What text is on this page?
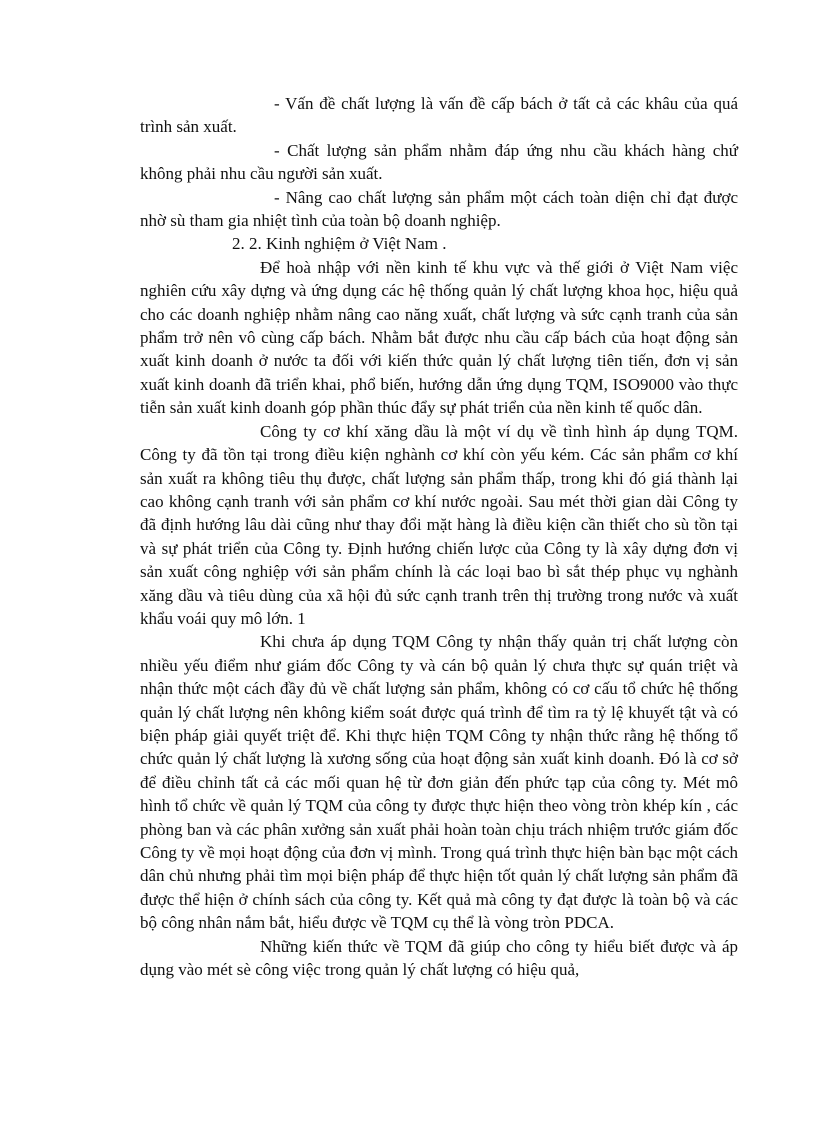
- Vấn đề chất lượng là vấn đề cấp bách ở tất cả các khâu của quá trình sản xuất.

- Chất lượng sản phẩm nhằm đáp ứng nhu cầu khách hàng chứ không phải nhu cầu người sản xuất.

- Nâng cao chất lượng sản phẩm một cách toàn diện chỉ đạt được nhờ sù tham gia nhiệt tình của toàn bộ doanh nghiệp.

2. 2. Kinh nghiệm ở Việt Nam .

Để hoà nhập với nền kinh tế khu vực và thế giới ở Việt Nam việc nghiên cứu xây dựng và ứng dụng các hệ thống quản lý chất lượng khoa học, hiệu quả cho các doanh nghiệp nhằm nâng cao năng xuất, chất lượng và sức cạnh tranh của sản phẩm trở nên vô cùng cấp bách. Nhằm bắt được nhu cầu cấp bách của hoạt động sản xuất kinh doanh ở nước ta đối với kiến thức quản lý chất lượng tiên tiến, đơn vị sản xuất kinh doanh đã triển khai, phổ biến, hướng dẫn ứng dụng TQM, ISO9000 vào thực tiễn sản xuất kinh doanh góp phần thúc đẩy sự phát triển của nền kinh tế quốc dân.

Công ty cơ khí xăng dầu là một ví dụ về tình hình áp dụng TQM. Công ty đã tồn tại trong điều kiện nghành cơ khí còn yếu kém. Các sản phẩm cơ khí sản xuất ra không tiêu thụ được, chất lượng sản phẩm thấp, trong khi đó giá thành lại cao không cạnh tranh với sản phẩm cơ khí nước ngoài. Sau mét thời gian dài Công ty đã định hướng lâu dài cũng như thay đổi mặt hàng là điều kiện cần thiết cho sù tồn tại và sự phát triển của Công ty. Định hướng chiến lược của Công ty là xây dựng đơn vị sản xuất công nghiệp với sản phẩm chính là các loại bao bì sắt thép phục vụ nghành xăng dầu và tiêu dùng của xã hội đủ sức cạnh tranh trên thị trường trong nước và xuất khẩu voái quy mô lớn. 1

Khi chưa áp dụng TQM Công ty nhận thấy quản trị chất lượng còn nhiều yếu điểm như giám đốc Công ty và cán bộ quản lý chưa thực sự quán triệt và nhận thức một cách đầy đủ về chất lượng sản phẩm, không có cơ cấu tổ chức hệ thống quản lý chất lượng nên không kiểm soát được quá trình để tìm ra tỷ lệ khuyết tật và có biện pháp giải quyết triệt để. Khi thực hiện TQM Công ty nhận thức rằng hệ thống tổ chức quản lý chất lượng là xương sống của hoạt động sản xuất kinh doanh. Đó là cơ sở để điều chỉnh tất cả các mối quan hệ từ đơn giản đến phức tạp của công ty. Mét mô hình tổ chức về quản lý TQM của công ty được thực hiện theo vòng tròn khép kín , các phòng ban và các phân xưởng sản xuất phải hoàn toàn chịu trách nhiệm trước giám đốc Công ty về mọi hoạt động của đơn vị mình. Trong quá trình thực hiện bàn bạc một cách dân chủ nhưng phải tìm mọi biện pháp để thực hiện tốt quản lý chất lượng sản phẩm đã được thể hiện ở chính sách của công ty. Kết quả mà công ty đạt được là toàn bộ và các bộ công nhân nắm bắt, hiểu được về TQM cụ thể là vòng tròn PDCA.

Những kiến thức về TQM đã giúp cho công ty hiểu biết được và áp dụng vào mét sè công việc trong quản lý chất lượng có hiệu quả,
